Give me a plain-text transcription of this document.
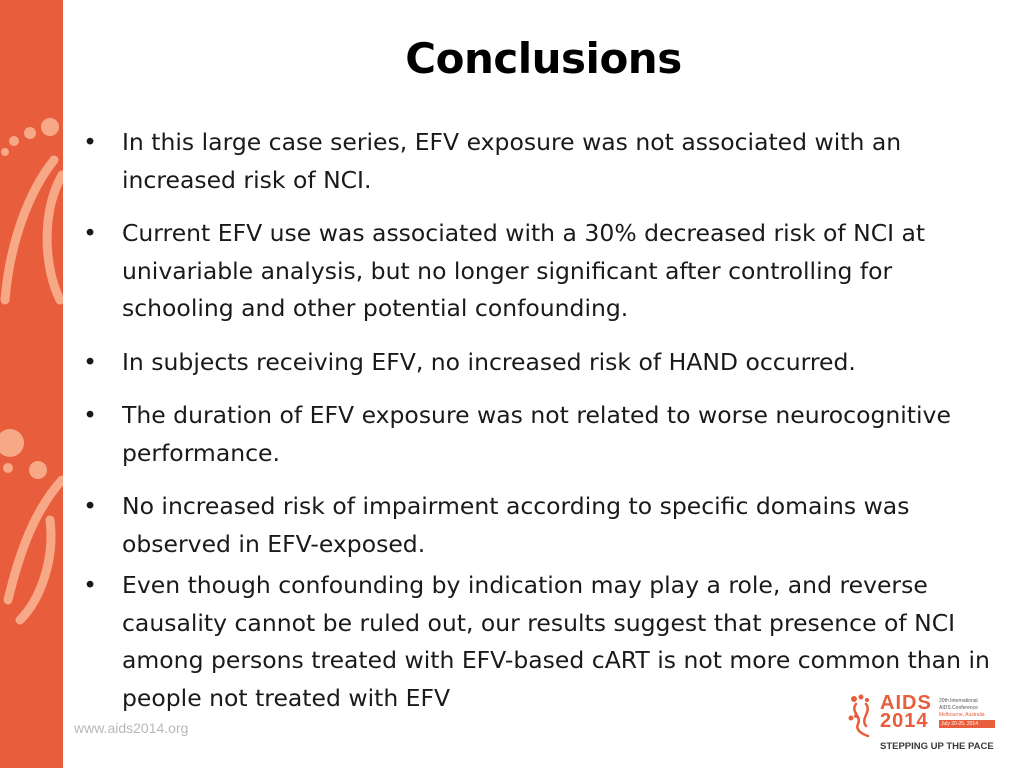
Conclusions
• In this large case series, EFV exposure was not associated with an increased risk of NCI.
• Current EFV use was associated with a 30% decreased risk of NCI at univariable analysis, but no longer significant after controlling for schooling and other potential confounding.
• In subjects receiving EFV, no increased risk of HAND occurred.
• The duration of EFV exposure was not related to worse neurocognitive performance.
• No increased risk of impairment according to specific domains was observed in EFV-exposed.
• Even though confounding by indication may play a role, and reverse causality cannot be ruled out, our results suggest that presence of NCI among persons treated with EFV-based cART is not more common than in people not treated with EFV
www.aids2014.org
AIDS
2014
20th International
AIDS Conference
Melbourne, Australia
July 20-25, 2014
STEPPING UP THE PACE
